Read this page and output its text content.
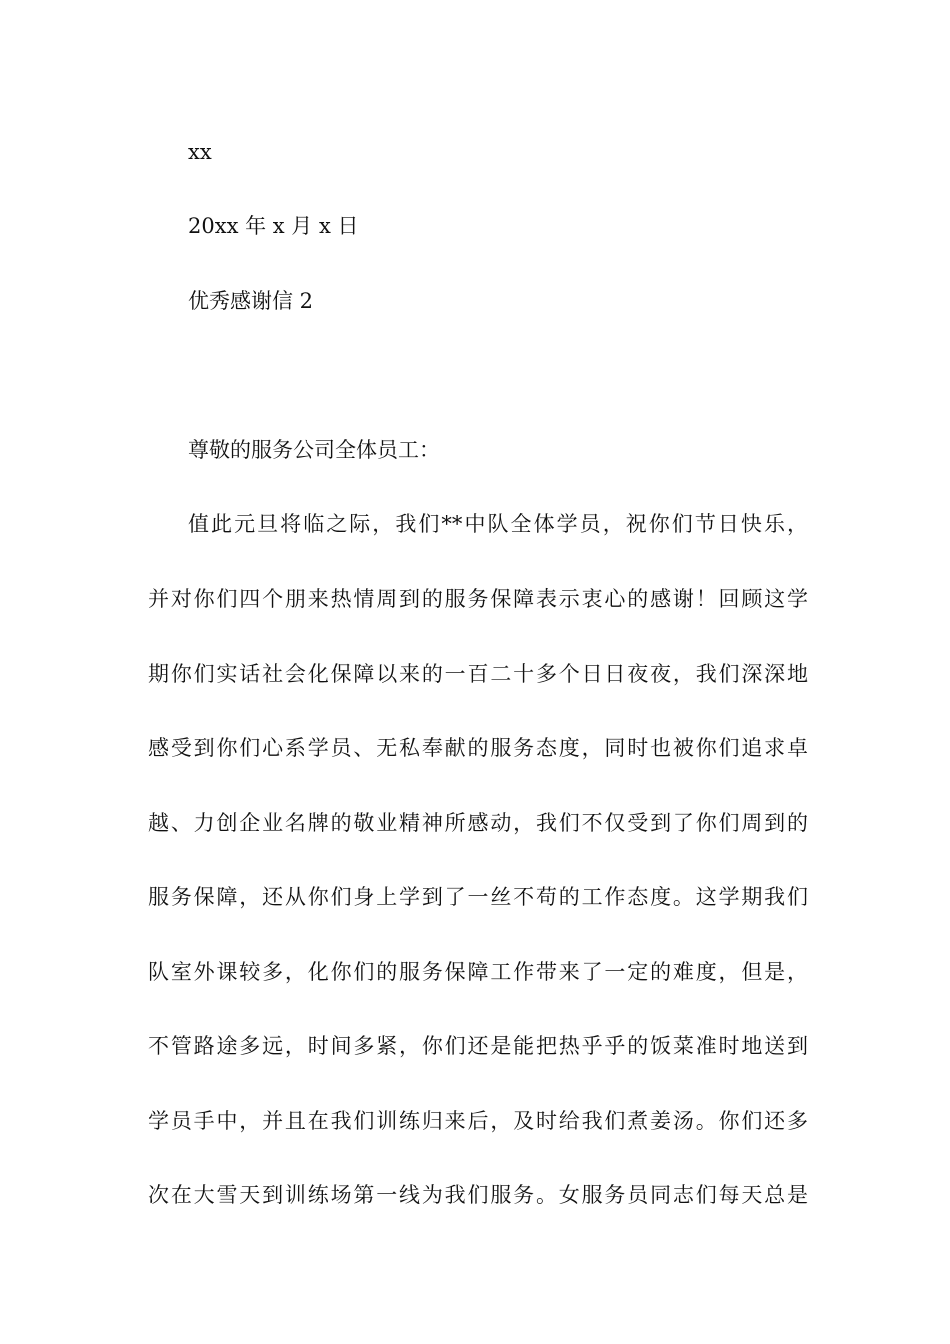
xx
20xx 年 x 月 x 日
优秀感谢信 2
尊敬的服务公司全体员工：
值此元旦将临之际，我们**中队全体学员，祝你们节日快乐，
并对你们四个朋来热情周到的服务保障表示衷心的感谢！回顾这学
期你们实话社会化保障以来的一百二十多个日日夜夜，我们深深地
感受到你们心系学员、无私奉献的服务态度，同时也被你们追求卓
越、力创企业名牌的敬业精神所感动，我们不仅受到了你们周到的
服务保障，还从你们身上学到了一丝不苟的工作态度。这学期我们
队室外课较多，化你们的服务保障工作带来了一定的难度，但是，
不管路途多远，时间多紧，你们还是能把热乎乎的饭菜准时地送到
学员手中，并且在我们训练归来后，及时给我们煮姜汤。你们还多
次在大雪天到训练场第一线为我们服务。女服务员同志们每天总是
